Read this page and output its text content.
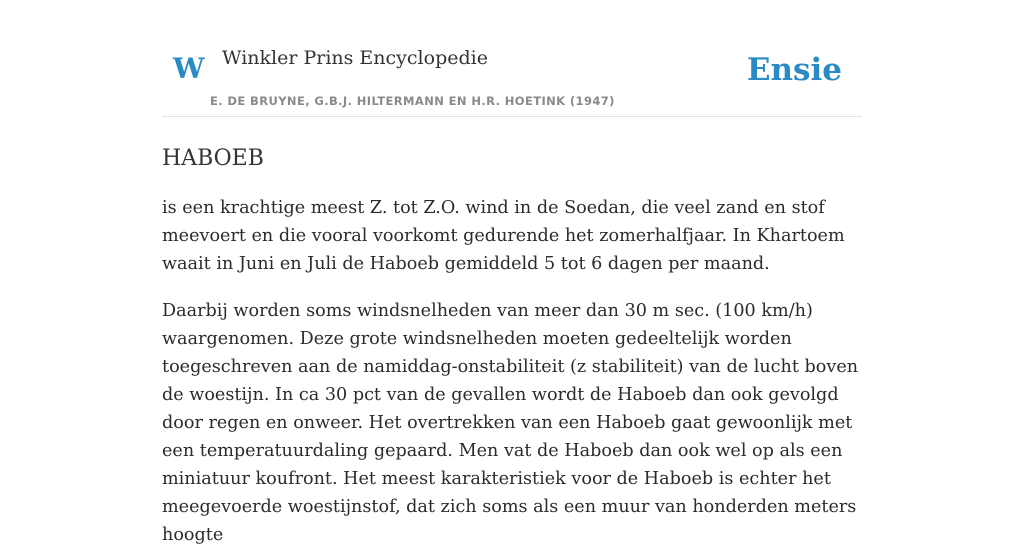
W Winkler Prins Encyclopedie
E. DE BRUYNE, G.B.J. HILTERMANN EN H.R. HOETINK (1947)
Ensie
HABOEB

is een krachtige meest Z. tot Z.O. wind in de Soedan, die veel zand en stof meevoert en die vooral voorkomt gedurende het zomerhalfjaar. In Khartoem waait in Juni en Juli de Haboeb gemiddeld 5 tot 6 dagen per maand.

Daarbij worden soms windsnelheden van meer dan 30 m sec. (100 km/h) waargenomen. Deze grote windsnelheden moeten gedeeltelijk worden toegeschreven aan de namiddag-onstabiliteit (z stabiliteit) van de lucht boven de woestijn. In ca 30 pct van de gevallen wordt de Haboeb dan ook gevolgd door regen en onweer. Het overtrekken van een Haboeb gaat gewoonlijk met een temperatuurdaling gepaard. Men vat de Haboeb dan ook wel op als een miniatuur koufront. Het meest karakteristiek voor de Haboeb is echter het meegevoerde woestijnstof, dat zich soms als een muur van honderden meters hoogte
